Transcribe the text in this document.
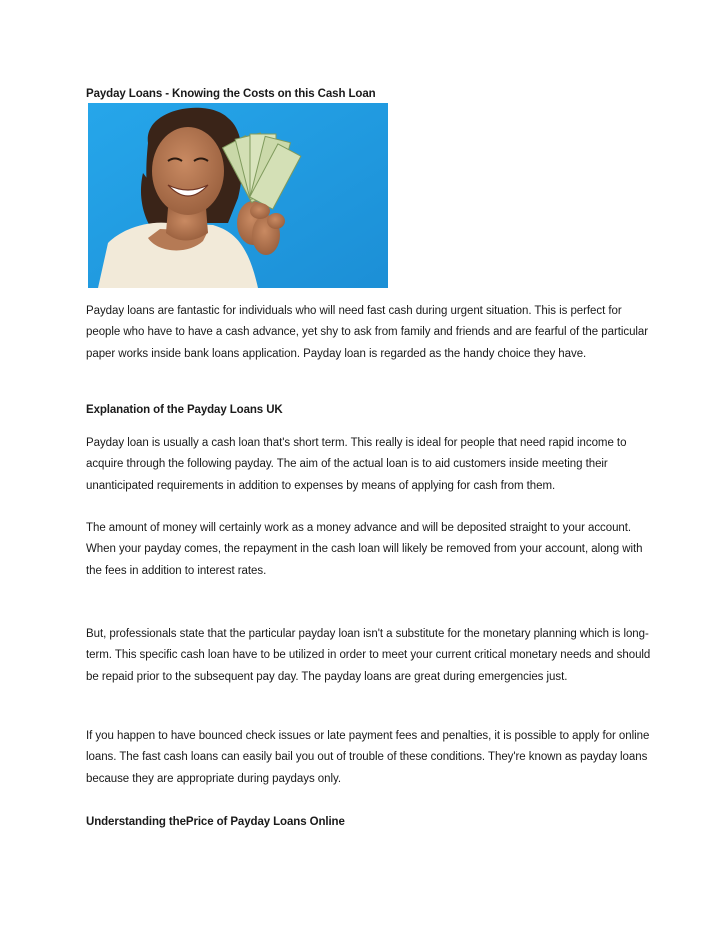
Payday Loans - Knowing the Costs on this Cash Loan

Payday loans are fantastic for individuals who will need fast cash during urgent situation. This is perfect for people who have to have a cash advance, yet shy to ask from family and friends and are fearful of the particular paper works inside bank loans application. Payday loan is regarded as the handy choice they have.

Explanation of the Payday Loans UK

Payday loan is usually a cash loan that's short term. This really is ideal for people that need rapid income to acquire through the following payday. The aim of the actual loan is to aid customers inside meeting their unanticipated requirements in addition to expenses by means of applying for cash from them.

The amount of money will certainly work as a money advance and will be deposited straight to your account. When your payday comes, the repayment in the cash loan will likely be removed from your account, along with the fees in addition to interest rates.

But, professionals state that the particular payday loan isn't a substitute for the monetary planning which is long-term. This specific cash loan have to be utilized in order to meet your current critical monetary needs and should be repaid prior to the subsequent pay day. The payday loans are great during emergencies just.

If you happen to have bounced check issues or late payment fees and penalties, it is possible to apply for online loans. The fast cash loans can easily bail you out of trouble of these conditions. They're known as payday loans because they are appropriate during paydays only.

Understanding thePrice of Payday Loans Online
